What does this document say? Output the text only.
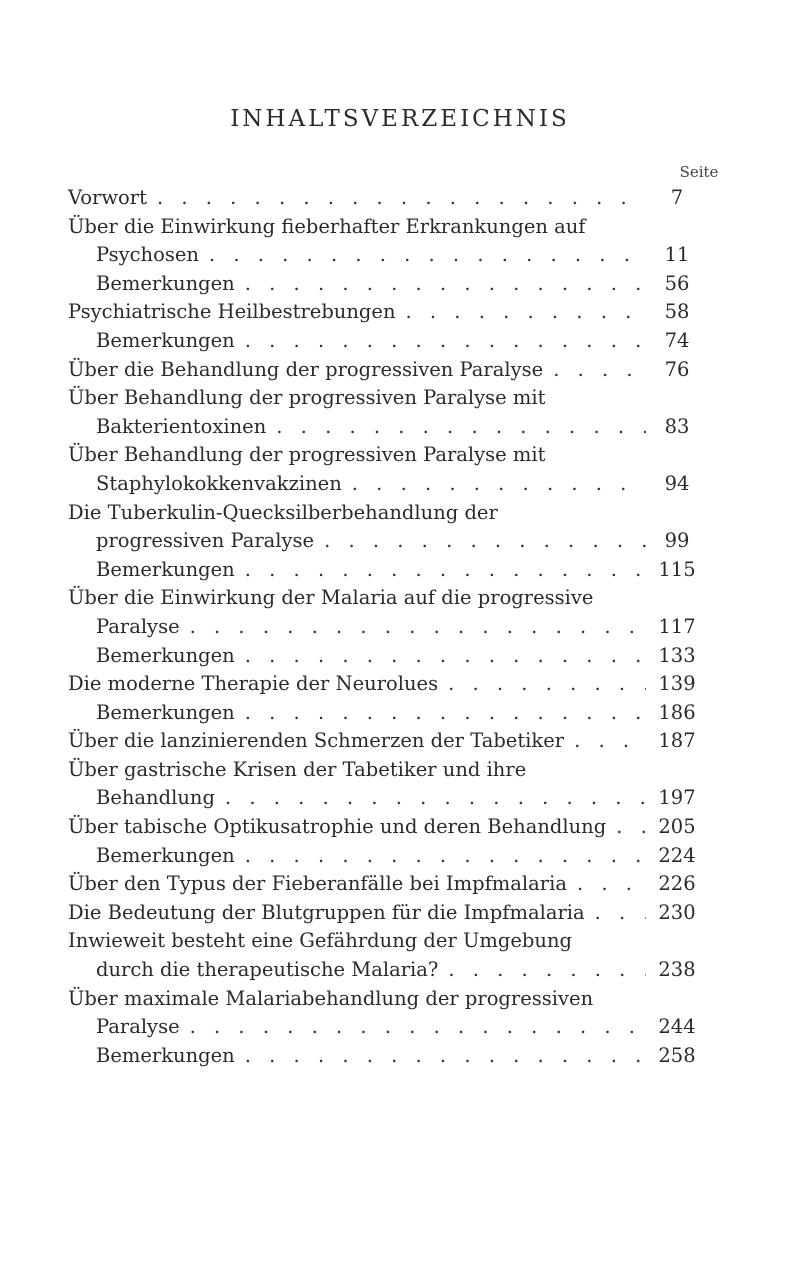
INHALTSVERZEICHNIS
Seite
Vorwort . . .	7
Über die Einwirkung fieberhafter Erkrankungen auf
Psychosen . . .	11
Bemerkungen . . .	56
Psychiatrische Heilbestrebungen . . .	58
Bemerkungen . . .	74
Über die Behandlung der progressiven Paralyse . . .	76
Über Behandlung der progressiven Paralyse mit
Bakterientoxinen . . .	83
Über Behandlung der progressiven Paralyse mit
Staphylokokkenvakzinen . . .	94
Die Tuberkulin-Quecksilberbehandlung der
progressiven Paralyse . . .	99
Bemerkungen . . .	115
Über die Einwirkung der Malaria auf die progressive
Paralyse . . .	117
Bemerkungen . . .	133
Die moderne Therapie der Neurolues . . .	139
Bemerkungen . . .	186
Über die lanzinierenden Schmerzen der Tabetiker . . .	187
Über gastrische Krisen der Tabetiker und ihre
Behandlung . . .	197
Über tabische Optikusatrophie und deren Behandlung . . .	205
Bemerkungen . . .	224
Über den Typus der Fieberanfälle bei Impfmalaria . . .	226
Die Bedeutung der Blutgruppen für die Impfmalaria . . .	230
Inwieweit besteht eine Gefährdung der Umgebung
durch die therapeutische Malaria? . . .	238
Über maximale Malariabehandlung der progressiven
Paralyse . . .	244
Bemerkungen . . .	258
